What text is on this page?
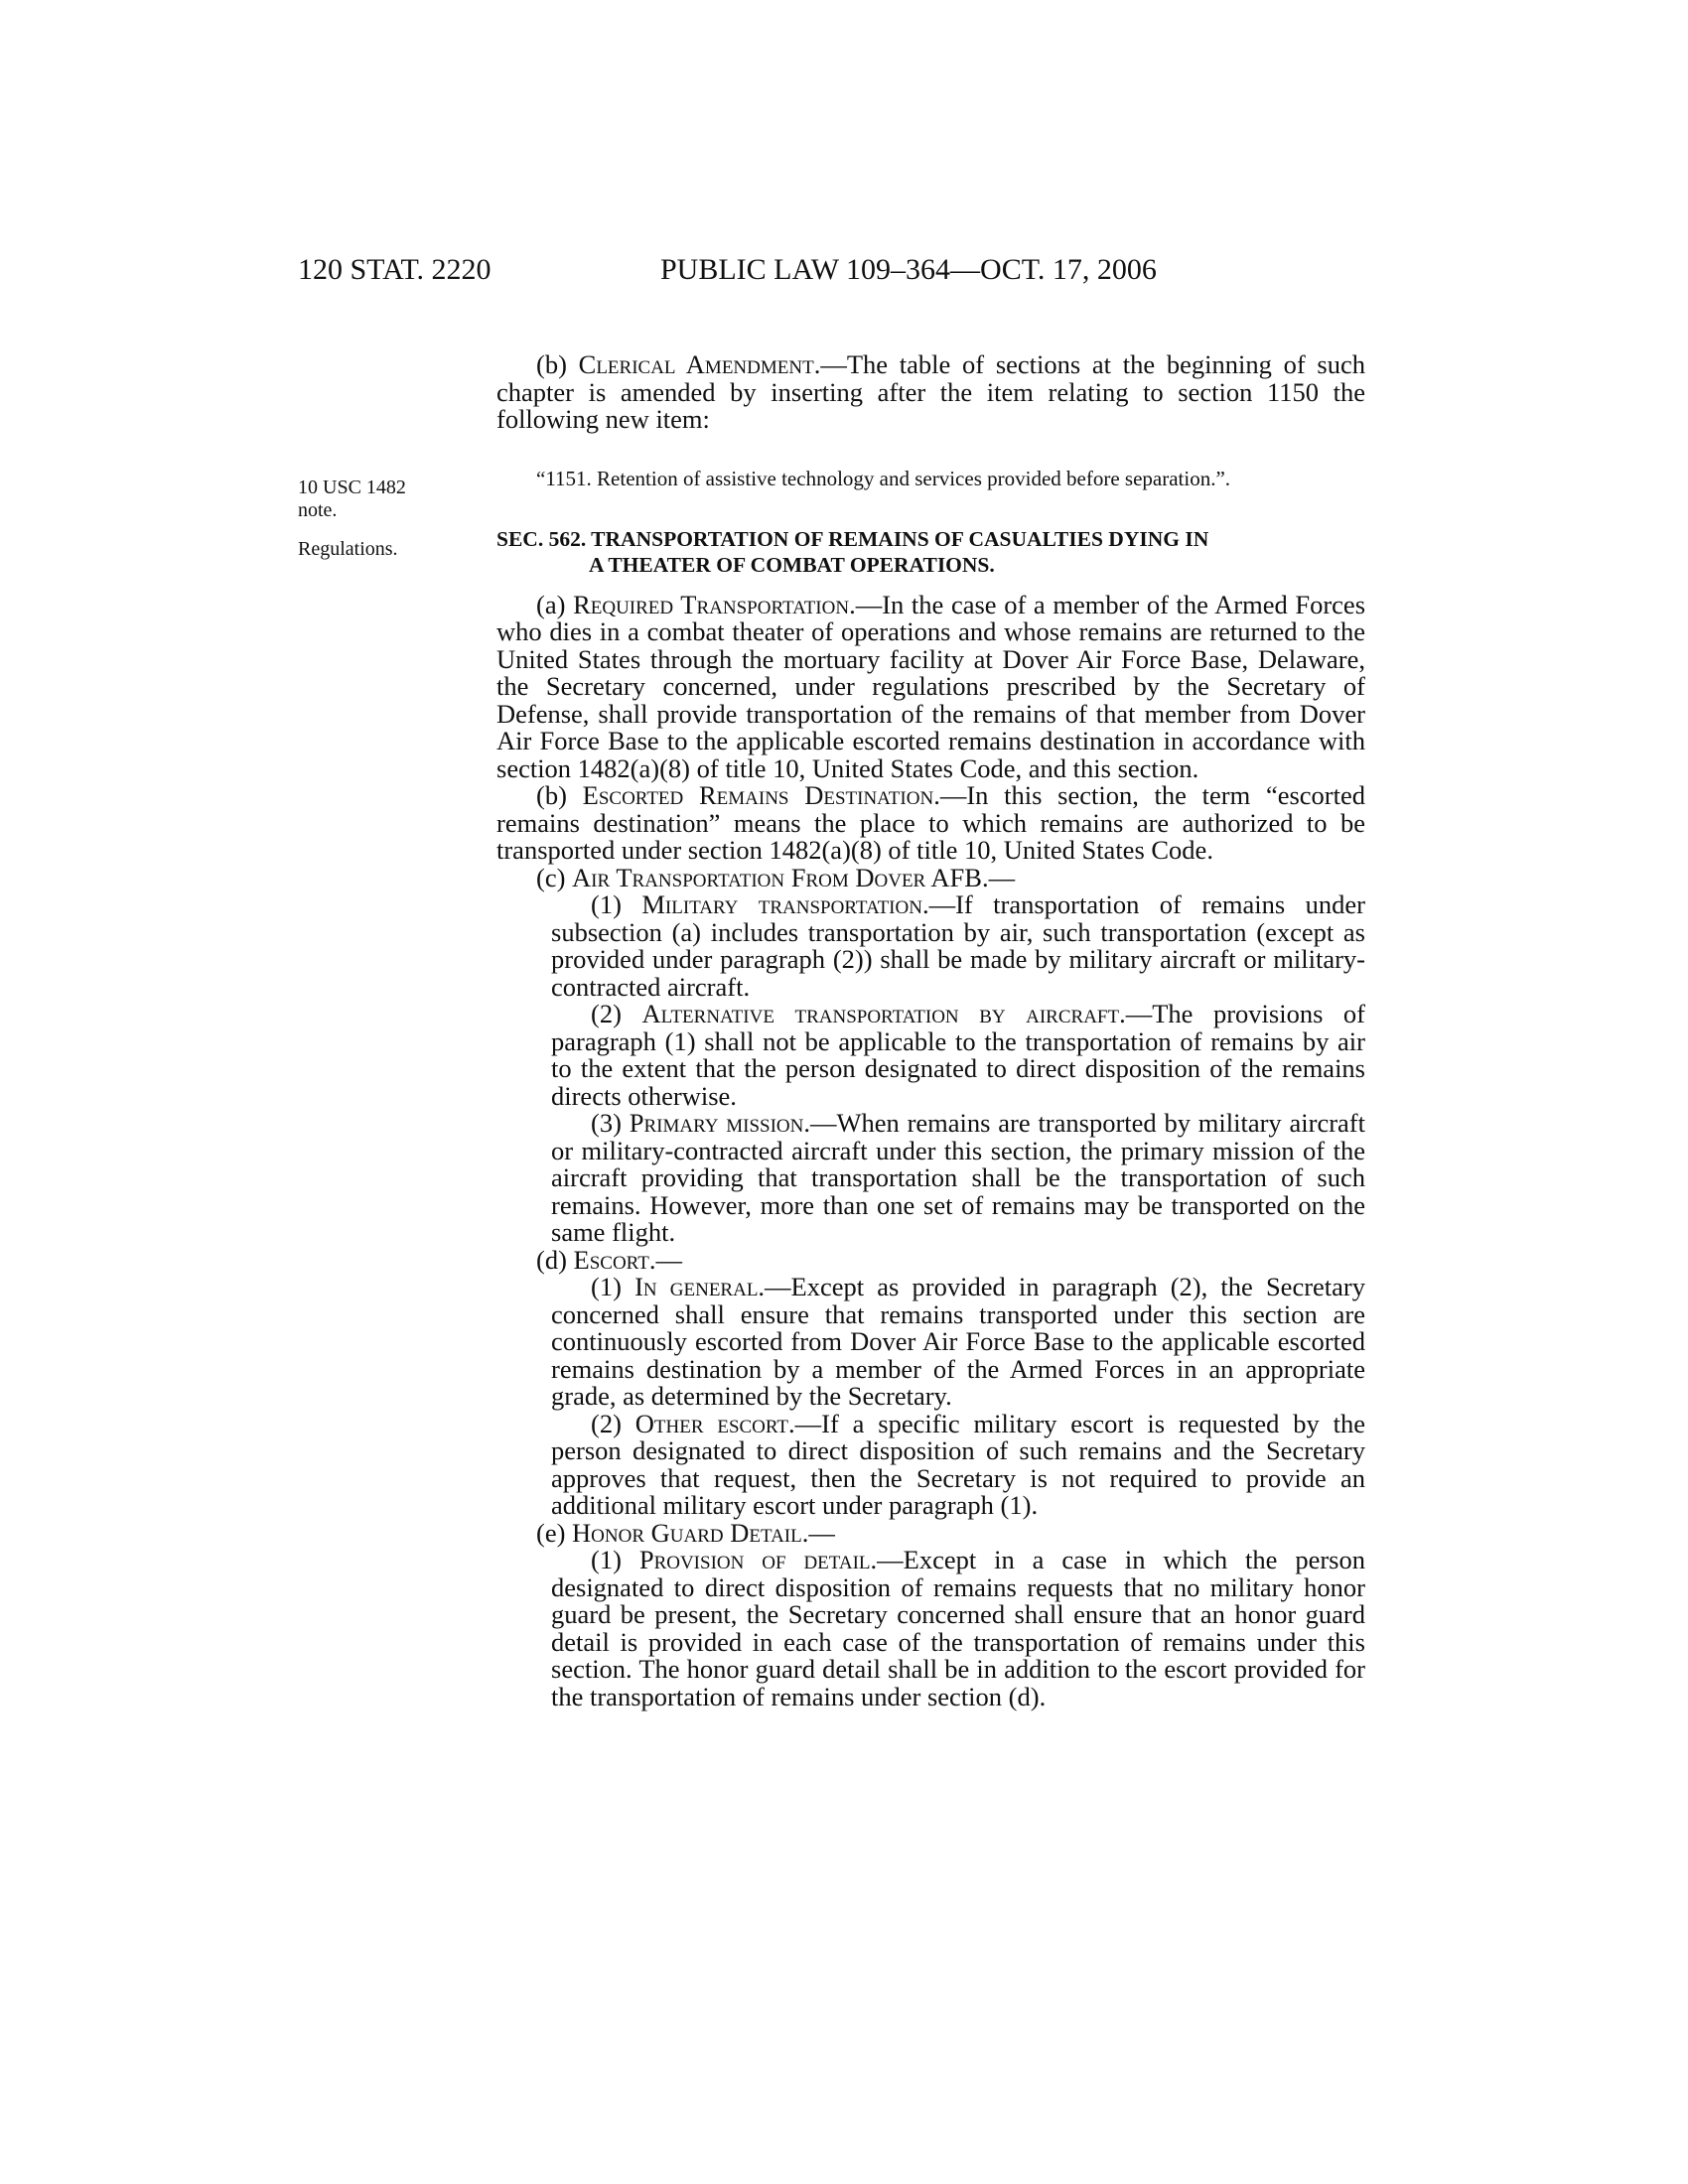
120 STAT. 2220	PUBLIC LAW 109–364—OCT. 17, 2006
10 USC 1482
note.
Regulations.

(b) Clerical Amendment.—The table of sections at the beginning of such chapter is amended by inserting after the item relating to section 1150 the following new item:

“1151. Retention of assistive technology and services provided before separation.”.

SEC. 562. TRANSPORTATION OF REMAINS OF CASUALTIES DYING IN
A THEATER OF COMBAT OPERATIONS.

(a) Required Transportation.—In the case of a member of the Armed Forces who dies in a combat theater of operations and whose remains are returned to the United States through the mortuary facility at Dover Air Force Base, Delaware, the Secretary concerned, under regulations prescribed by the Secretary of Defense, shall provide transportation of the remains of that member from Dover Air Force Base to the applicable escorted remains destination in accordance with section 1482(a)(8) of title 10, United States Code, and this section.

(b) Escorted Remains Destination.—In this section, the term “escorted remains destination” means the place to which remains are authorized to be transported under section 1482(a)(8) of title 10, United States Code.

(c) Air Transportation From Dover AFB.—

(1) Military transportation.—If transportation of remains under subsection (a) includes transportation by air, such transportation (except as provided under paragraph (2)) shall be made by military aircraft or military-contracted aircraft.

(2) Alternative transportation by aircraft.—The provisions of paragraph (1) shall not be applicable to the transportation of remains by air to the extent that the person designated to direct disposition of the remains directs otherwise.

(3) Primary mission.—When remains are transported by military aircraft or military-contracted aircraft under this section, the primary mission of the aircraft providing that transportation shall be the transportation of such remains. However, more than one set of remains may be transported on the same flight.

(d) Escort.—

(1) In general.—Except as provided in paragraph (2), the Secretary concerned shall ensure that remains transported under this section are continuously escorted from Dover Air Force Base to the applicable escorted remains destination by a member of the Armed Forces in an appropriate grade, as determined by the Secretary.

(2) Other escort.—If a specific military escort is requested by the person designated to direct disposition of such remains and the Secretary approves that request, then the Secretary is not required to provide an additional military escort under paragraph (1).

(e) Honor Guard Detail.—

(1) Provision of detail.—Except in a case in which the person designated to direct disposition of remains requests that no military honor guard be present, the Secretary concerned shall ensure that an honor guard detail is provided in each case of the transportation of remains under this section. The honor guard detail shall be in addition to the escort provided for the transportation of remains under section (d).
